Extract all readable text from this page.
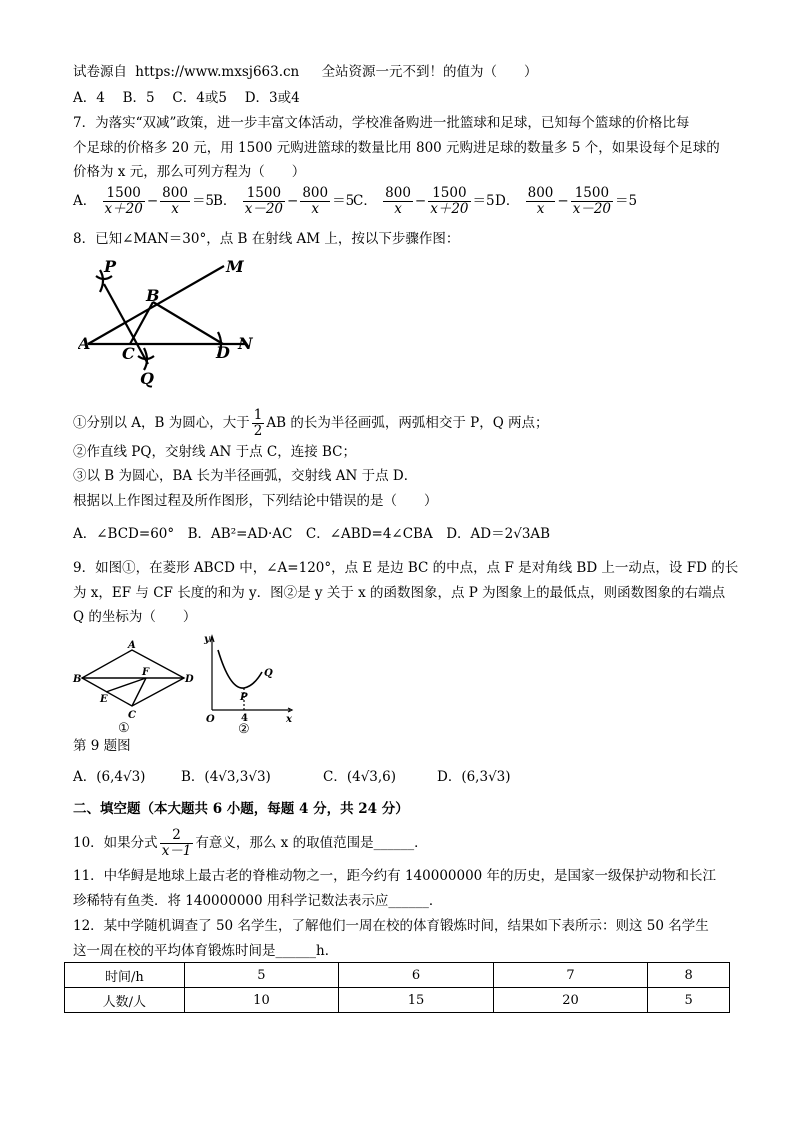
试卷源自 https://www.mxsj663.cn 全站资源一元不到！的值为（　　）
A．4　 B．5　 C．4或5　 D．3或4
7．为落实“双减”政策，进一步丰富文体活动，学校准备购进一批篮球和足球，已知每个篮球的价格比每
个足球的价格多 20 元，用 1500 元购进篮球的数量比用 800 元购进足球的数量多 5 个，如果设每个足球的
价格为 x 元，那么可列方程为（　　）
A． $\frac{1500}{x+20} - \frac{800}{x} =5$
B． $\frac{1500}{x-20} - \frac{800}{x} =5$
C． $\frac{800}{x} - \frac{1500}{x+20} =5$ D． $\frac{800}{x} - \frac{1500}{x-20} =5$
8．已知∠MAN＝30°，点 B 在射线 AM 上，按以下步骤作图：
P	M
B
A
C	D N
Q
①分别以 A，B 为圆心，大于 $\frac{1}{2}$ AB 的长为半径画弧，两弧相交于 P，Q 两点；
②作直线 PQ，交射线 AN 于点 C，连接 BC；
③以 B 为圆心，BA 长为半径画弧，交射线 AN 于点 D．
根据以上作图过程及所作图形，下列结论中错误的是（　　）
A．∠BCD=60°　B．AB²=AD·AC　C．∠ABD=4∠CBA　D．AD＝2√3AB
9．如图①，在菱形 ABCD 中，∠A=120°，点 E 是边 BC 的中点，点 F 是对角线 BD 上一动点，设 FD 的长
为 x，EF 与 CF 长度的和为 y．图②是 y 关于 x 的函数图象，点 P 为图象上的最低点，则函数图象的右端点
Q 的坐标为（　　）
A
B
C
D
E
F
①
y
x
O
P
Q
4
②
第 9 题图
A．(6,4√3)	B．(4√3,3√3)	C．(4√3,6)	D．(6,3√3)
二、填空题（本大题共 6 小题，每题 4 分，共 24 分）
10．如果分式 $\frac{2}{x-1}$ 有意义，那么 x 的取值范围是______．
11．中华鲟是地球上最古老的脊椎动物之一，距今约有 140000000 年的历史，是国家一级保护动物和长江
珍稀特有鱼类．将 140000000 用科学记数法表示应______．
12．某中学随机调查了 50 名学生，了解他们一周在校的体育锻炼时间，结果如下表所示：则这 50 名学生
这一周在校的平均体育锻炼时间是______h．
时间/h	5	6	7	8
人数/人	10	15	20	5
